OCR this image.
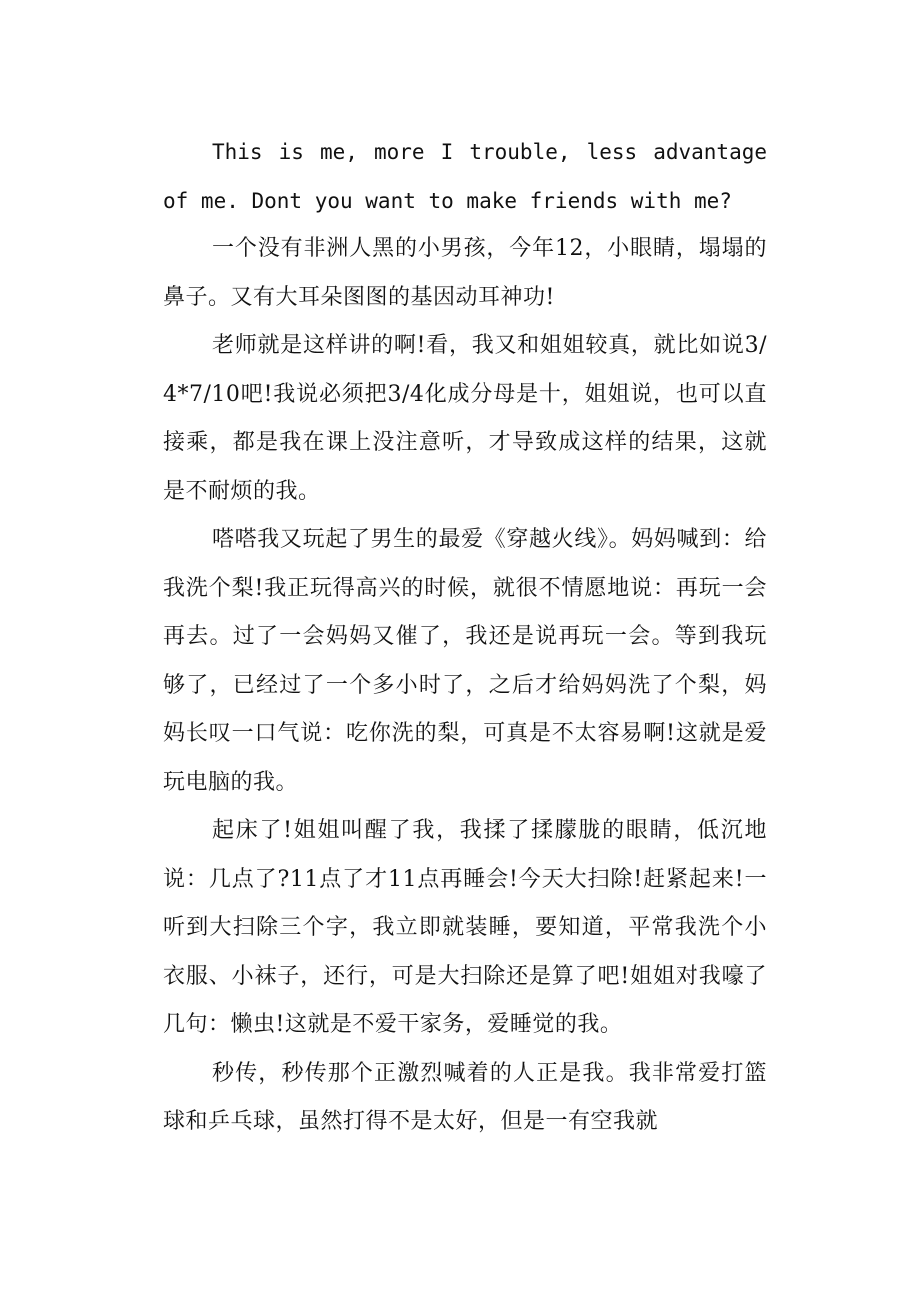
This is me, more I trouble, less advantage of me. Dont you want to make friends with me?

一个没有非洲人黑的小男孩，今年12，小眼睛，塌塌的鼻子。又有大耳朵图图的基因动耳神功!

老师就是这样讲的啊!看，我又和姐姐较真，就比如说3/4*7/10吧!我说必须把3/4化成分母是十，姐姐说，也可以直接乘，都是我在课上没注意听，才导致成这样的结果，这就是不耐烦的我。

嗒嗒我又玩起了男生的最爱《穿越火线》。妈妈喊到：给我洗个梨!我正玩得高兴的时候，就很不情愿地说：再玩一会再去。过了一会妈妈又催了，我还是说再玩一会。等到我玩够了，已经过了一个多小时了，之后才给妈妈洗了个梨，妈妈长叹一口气说：吃你洗的梨，可真是不太容易啊!这就是爱玩电脑的我。

起床了!姐姐叫醒了我，我揉了揉朦胧的眼睛，低沉地说：几点了?11点了才11点再睡会!今天大扫除!赶紧起来!一听到大扫除三个字，我立即就装睡，要知道，平常我洗个小衣服、小袜子，还行，可是大扫除还是算了吧!姐姐对我嚎了几句：懒虫!这就是不爱干家务，爱睡觉的我。

秒传，秒传那个正激烈喊着的人正是我。我非常爱打篮球和乒乓球，虽然打得不是太好，但是一有空我就
